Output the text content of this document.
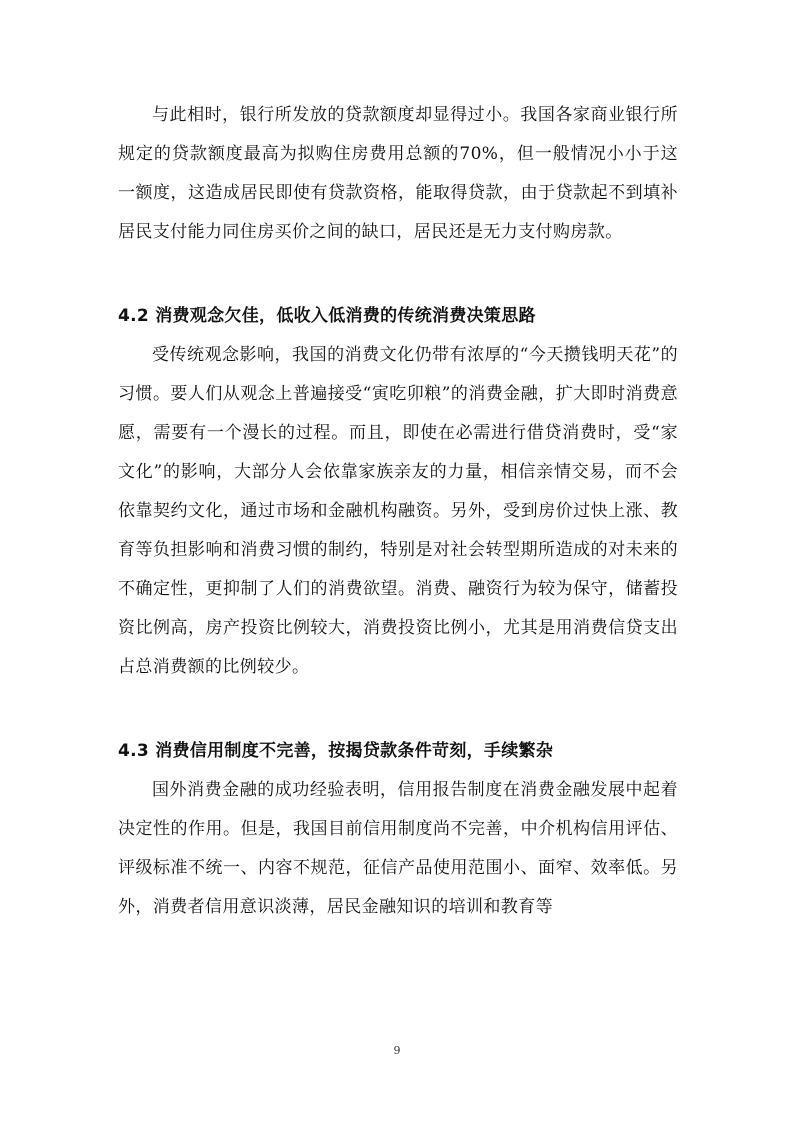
与此相时，银行所发放的贷款额度却显得过小。我国各家商业银行所规定的贷款额度最高为拟购住房费用总额的70%，但一般情况小小于这一额度，这造成居民即使有贷款资格，能取得贷款，由于贷款起不到填补居民支付能力同住房买价之间的缺口，居民还是无力支付购房款。

4.2 消费观念欠佳，低收入低消费的传统消费决策思路

受传统观念影响，我国的消费文化仍带有浓厚的“今天攒钱明天花”的习惯。要人们从观念上普遍接受“寅吃卯粮”的消费金融，扩大即时消费意愿，需要有一个漫长的过程。而且，即使在必需进行借贷消费时，受“家文化”的影响，大部分人会依靠家族亲友的力量，相信亲情交易，而不会依靠契约文化，通过市场和金融机构融资。另外，受到房价过快上涨、教育等负担影响和消费习惯的制约，特别是对社会转型期所造成的对未来的不确定性，更抑制了人们的消费欲望。消费、融资行为较为保守，储蓄投资比例高，房产投资比例较大，消费投资比例小，尤其是用消费信贷支出占总消费额的比例较少。

4.3 消费信用制度不完善，按揭贷款条件苛刻，手续繁杂

国外消费金融的成功经验表明，信用报告制度在消费金融发展中起着决定性的作用。但是，我国目前信用制度尚不完善，中介机构信用评估、评级标准不统一、内容不规范，征信产品使用范围小、面窄、效率低。另外，消费者信用意识淡薄，居民金融知识的培训和教育等

9
